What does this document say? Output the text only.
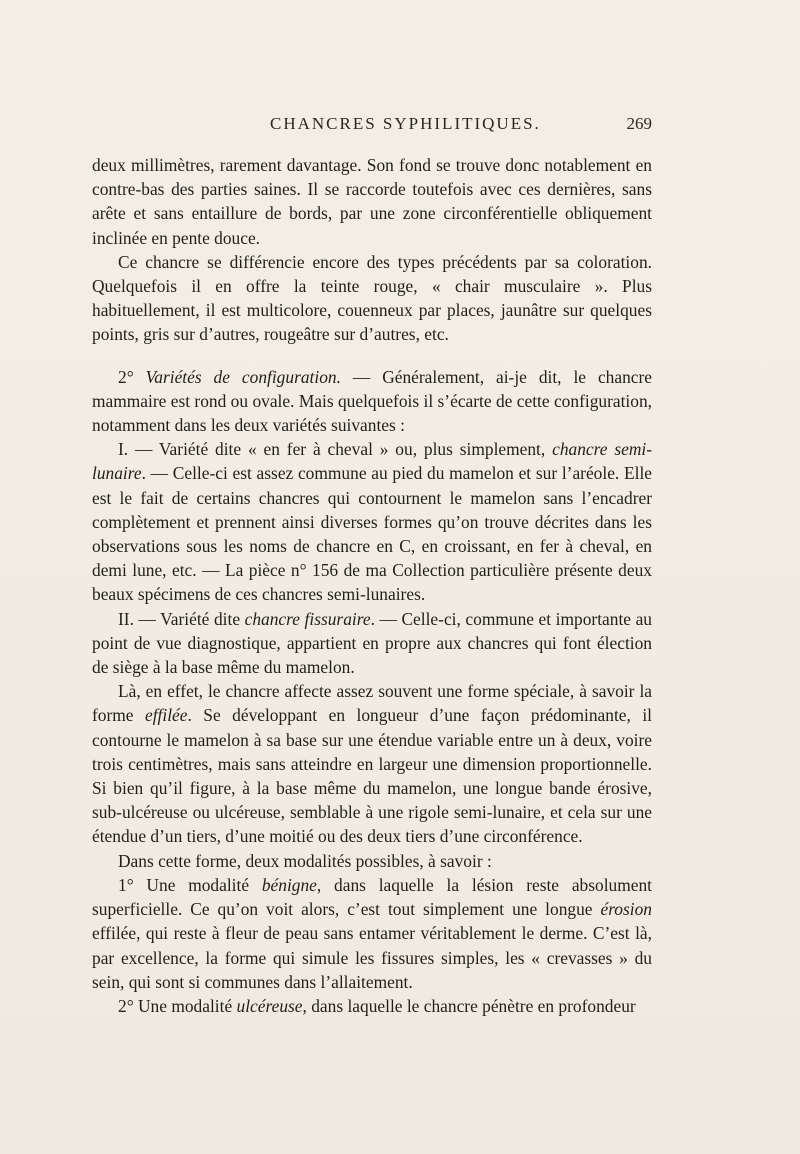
CHANCRES SYPHILITIQUES.	269

deux millimètres, rarement davantage. Son fond se trouve donc notablement en contre-bas des parties saines. Il se raccorde toutefois avec ces dernières, sans arête et sans entaillure de bords, par une zone circonférentielle obliquement inclinée en pente douce.

Ce chancre se différencie encore des types précédents par sa coloration. Quelquefois il en offre la teinte rouge, « chair musculaire ». Plus habituellement, il est multicolore, couenneux par places, jaunâtre sur quelques points, gris sur d’autres, rougeâtre sur d’autres, etc.

2° Variétés de configuration. — Généralement, ai-je dit, le chancre mammaire est rond ou ovale. Mais quelquefois il s’écarte de cette configuration, notamment dans les deux variétés suivantes :

I. — Variété dite « en fer à cheval » ou, plus simplement, chancre semi-lunaire. — Celle-ci est assez commune au pied du mamelon et sur l’aréole. Elle est le fait de certains chancres qui contournent le mamelon sans l’encadrer complètement et prennent ainsi diverses formes qu’on trouve décrites dans les observations sous les noms de chancre en C, en croissant, en fer à cheval, en demi lune, etc. — La pièce n° 156 de ma Collection particulière présente deux beaux spécimens de ces chancres semi-lunaires.

II. — Variété dite chancre fissuraire. — Celle-ci, commune et importante au point de vue diagnostique, appartient en propre aux chancres qui font élection de siège à la base même du mamelon.

Là, en effet, le chancre affecte assez souvent une forme spéciale, à savoir la forme effilée. Se développant en longueur d’une façon prédominante, il contourne le mamelon à sa base sur une étendue variable entre un à deux, voire trois centimètres, mais sans atteindre en largeur une dimension proportionnelle. Si bien qu’il figure, à la base même du mamelon, une longue bande érosive, sub-ulcéreuse ou ulcéreuse, semblable à une rigole semi-lunaire, et cela sur une étendue d’un tiers, d’une moitié ou des deux tiers d’une circonférence.

Dans cette forme, deux modalités possibles, à savoir :

1° Une modalité bénigne, dans laquelle la lésion reste absolument superficielle. Ce qu’on voit alors, c’est tout simplement une longue érosion effilée, qui reste à fleur de peau sans entamer véritablement le derme. C’est là, par excellence, la forme qui simule les fissures simples, les « crevasses » du sein, qui sont si communes dans l’allaitement.

2° Une modalité ulcéreuse, dans laquelle le chancre pénètre en profondeur
